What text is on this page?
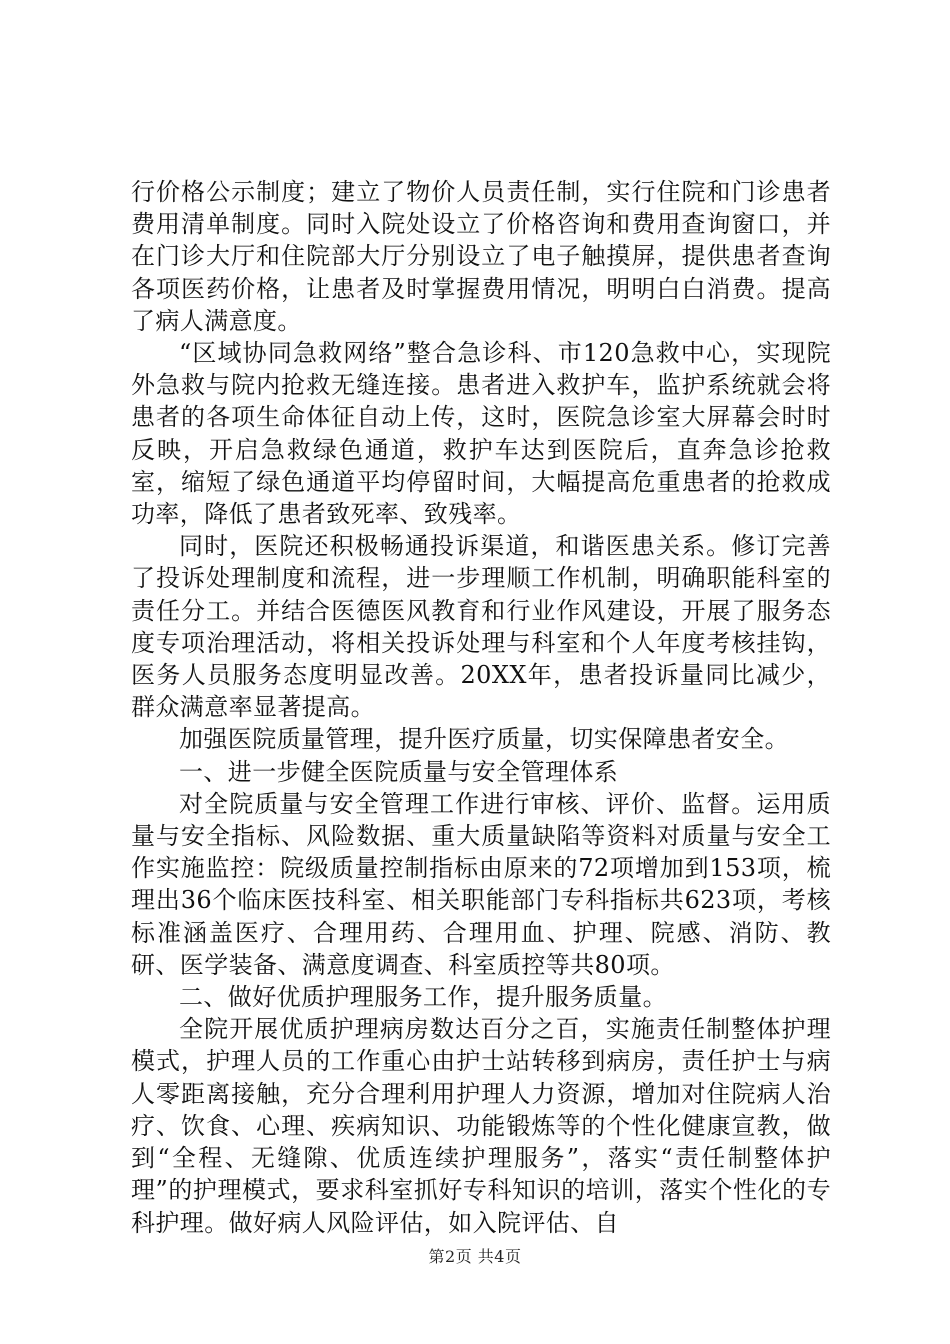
行价格公示制度；建立了物价人员责任制，实行住院和门诊患者费用清单制度。同时入院处设立了价格咨询和费用查询窗口，并在门诊大厅和住院部大厅分别设立了电子触摸屏，提供患者查询各项医药价格，让患者及时掌握费用情况，明明白白消费。提高了病人满意度。

“区域协同急救网络”整合急诊科、市120急救中心，实现院外急救与院内抢救无缝连接。患者进入救护车，监护系统就会将患者的各项生命体征自动上传，这时，医院急诊室大屏幕会时时反映，开启急救绿色通道，救护车达到医院后，直奔急诊抢救室，缩短了绿色通道平均停留时间，大幅提高危重患者的抢救成功率，降低了患者致死率、致残率。

同时，医院还积极畅通投诉渠道，和谐医患关系。修订完善了投诉处理制度和流程，进一步理顺工作机制，明确职能科室的责任分工。并结合医德医风教育和行业作风建设，开展了服务态度专项治理活动，将相关投诉处理与科室和个人年度考核挂钩，医务人员服务态度明显改善。20XX年，患者投诉量同比减少，群众满意率显著提高。

加强医院质量管理，提升医疗质量，切实保障患者安全。

一、进一步健全医院质量与安全管理体系

对全院质量与安全管理工作进行审核、评价、监督。运用质量与安全指标、风险数据、重大质量缺陷等资料对质量与安全工作实施监控：院级质量控制指标由原来的72项增加到153项，梳理出36个临床医技科室、相关职能部门专科指标共623项，考核标准涵盖医疗、合理用药、合理用血、护理、院感、消防、教研、医学装备、满意度调查、科室质控等共80项。

二、做好优质护理服务工作，提升服务质量。

全院开展优质护理病房数达百分之百，实施责任制整体护理模式，护理人员的工作重心由护士站转移到病房，责任护士与病人零距离接触，充分合理利用护理人力资源，增加对住院病人治疗、饮食、心理、疾病知识、功能锻炼等的个性化健康宣教，做到“全程、无缝隙、优质连续护理服务”，落实“责任制整体护理”的护理模式，要求科室抓好专科知识的培训，落实个性化的专科护理。做好病人风险评估，如入院评估、自

第2页 共4页
